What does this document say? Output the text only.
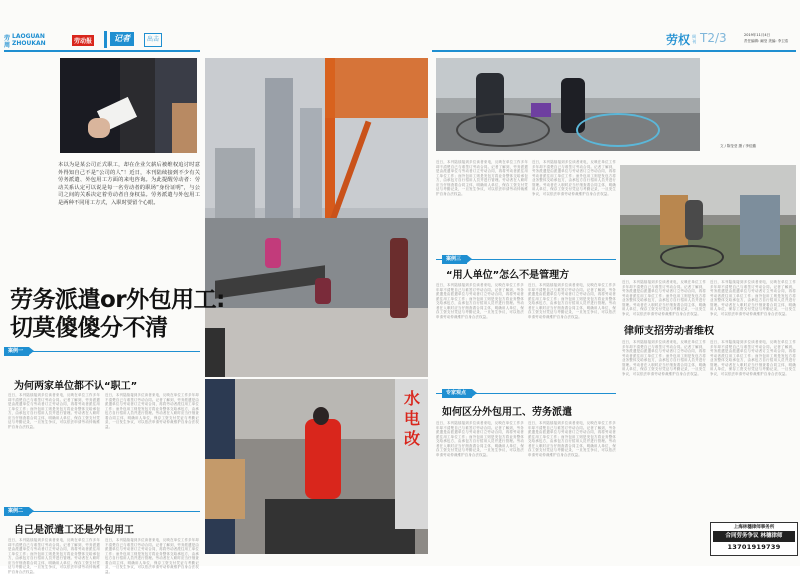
劳
周
LAOGUAN
ZHOUKAN	劳动报	记者	出击	劳权 周刊 T2/3	2019年11月4日
责任编辑: 阚莹 美编: 李卫浩
文 / 陈莹莹 摄 / 李佳璐
水
电
改
本以为是某公司正式职工，却在企业欠薪后被维权追讨时意外得知自己不是“公司的人”！近日，本刊陆续接到不少有关劳务派遣、外包用工方面的来电咨询。为此提醒劳动者：劳动关系认定可以说是每一名劳动者的职场“身份证明”，与公司之间的关系决定着劳动者自身权益。劳务派遣与外包用工是两种不同用工方式，入职时要留个心眼。
劳务派遣or外包用工:
切莫傻傻分不清
案例一
为何两家单位都不认“职工”
近日，本刊陆续接到多位读者来电，反映在单位工作多年却不清楚自己与谁签订劳动合同。记者了解到，劳务派遣是由派遣单位与劳动者订立劳动合同，再将劳动者派往用工单位工作；而外包用工则是发包方将业务整体交给承包方，由承包方自行招用人员并进行管理。劳动者在入职时应当仔细查看合同主体，明确用人单位，保存工资支付凭证与考勤记录，一旦发生争议，可以依法申请劳动仲裁维护自身合法权益。
近日，本刊陆续接到多位读者来电，反映在单位工作多年却不清楚自己与谁签订劳动合同。记者了解到，劳务派遣是由派遣单位与劳动者订立劳动合同，再将劳动者派往用工单位工作；而外包用工则是发包方将业务整体交给承包方，由承包方自行招用人员并进行管理。劳动者在入职时应当仔细查看合同主体，明确用人单位，保存工资支付凭证与考勤记录，一旦发生争议，可以依法申请劳动仲裁维护自身合法权益。
案例二
自己是派遣工还是外包用工
近日，本刊陆续接到多位读者来电，反映在单位工作多年却不清楚自己与谁签订劳动合同。记者了解到，劳务派遣是由派遣单位与劳动者订立劳动合同，再将劳动者派往用工单位工作；而外包用工则是发包方将业务整体交给承包方，由承包方自行招用人员并进行管理。劳动者在入职时应当仔细查看合同主体，明确用人单位，保存工资支付凭证与考勤记录，一旦发生争议，可以依法申请劳动仲裁维护自身合法权益。
近日，本刊陆续接到多位读者来电，反映在单位工作多年却不清楚自己与谁签订劳动合同。记者了解到，劳务派遣是由派遣单位与劳动者订立劳动合同，再将劳动者派往用工单位工作；而外包用工则是发包方将业务整体交给承包方，由承包方自行招用人员并进行管理。劳动者在入职时应当仔细查看合同主体，明确用人单位，保存工资支付凭证与考勤记录，一旦发生争议，可以依法申请劳动仲裁维护自身合法权益。
近日，本刊陆续接到多位读者来电，反映在单位工作多年却不清楚自己与谁签订劳动合同。记者了解到，劳务派遣是由派遣单位与劳动者订立劳动合同，再将劳动者派往用工单位工作；而外包用工则是发包方将业务整体交给承包方，由承包方自行招用人员并进行管理。劳动者在入职时应当仔细查看合同主体，明确用人单位，保存工资支付凭证与考勤记录，一旦发生争议，可以依法申请劳动仲裁维护自身合法权益。
近日，本刊陆续接到多位读者来电，反映在单位工作多年却不清楚自己与谁签订劳动合同。记者了解到，劳务派遣是由派遣单位与劳动者订立劳动合同，再将劳动者派往用工单位工作；而外包用工则是发包方将业务整体交给承包方，由承包方自行招用人员并进行管理。劳动者在入职时应当仔细查看合同主体，明确用人单位，保存工资支付凭证与考勤记录，一旦发生争议，可以依法申请劳动仲裁维护自身合法权益。
案例三
“用人单位”怎么不是管理方
近日，本刊陆续接到多位读者来电，反映在单位工作多年却不清楚自己与谁签订劳动合同。记者了解到，劳务派遣是由派遣单位与劳动者订立劳动合同，再将劳动者派往用工单位工作；而外包用工则是发包方将业务整体交给承包方，由承包方自行招用人员并进行管理。劳动者在入职时应当仔细查看合同主体，明确用人单位，保存工资支付凭证与考勤记录，一旦发生争议，可以依法申请劳动仲裁维护自身合法权益。
近日，本刊陆续接到多位读者来电，反映在单位工作多年却不清楚自己与谁签订劳动合同。记者了解到，劳务派遣是由派遣单位与劳动者订立劳动合同，再将劳动者派往用工单位工作；而外包用工则是发包方将业务整体交给承包方，由承包方自行招用人员并进行管理。劳动者在入职时应当仔细查看合同主体，明确用人单位，保存工资支付凭证与考勤记录，一旦发生争议，可以依法申请劳动仲裁维护自身合法权益。
专家观点
如何区分外包用工、劳务派遣
近日，本刊陆续接到多位读者来电，反映在单位工作多年却不清楚自己与谁签订劳动合同。记者了解到，劳务派遣是由派遣单位与劳动者订立劳动合同，再将劳动者派往用工单位工作；而外包用工则是发包方将业务整体交给承包方，由承包方自行招用人员并进行管理。劳动者在入职时应当仔细查看合同主体，明确用人单位，保存工资支付凭证与考勤记录，一旦发生争议，可以依法申请劳动仲裁维护自身合法权益。
近日，本刊陆续接到多位读者来电，反映在单位工作多年却不清楚自己与谁签订劳动合同。记者了解到，劳务派遣是由派遣单位与劳动者订立劳动合同，再将劳动者派往用工单位工作；而外包用工则是发包方将业务整体交给承包方，由承包方自行招用人员并进行管理。劳动者在入职时应当仔细查看合同主体，明确用人单位，保存工资支付凭证与考勤记录，一旦发生争议，可以依法申请劳动仲裁维护自身合法权益。
近日，本刊陆续接到多位读者来电，反映在单位工作多年却不清楚自己与谁签订劳动合同。记者了解到，劳务派遣是由派遣单位与劳动者订立劳动合同，再将劳动者派往用工单位工作；而外包用工则是发包方将业务整体交给承包方，由承包方自行招用人员并进行管理。劳动者在入职时应当仔细查看合同主体，明确用人单位，保存工资支付凭证与考勤记录，一旦发生争议，可以依法申请劳动仲裁维护自身合法权益。
近日，本刊陆续接到多位读者来电，反映在单位工作多年却不清楚自己与谁签订劳动合同。记者了解到，劳务派遣是由派遣单位与劳动者订立劳动合同，再将劳动者派往用工单位工作；而外包用工则是发包方将业务整体交给承包方，由承包方自行招用人员并进行管理。劳动者在入职时应当仔细查看合同主体，明确用人单位，保存工资支付凭证与考勤记录，一旦发生争议，可以依法申请劳动仲裁维护自身合法权益。
律师支招劳动者维权
近日，本刊陆续接到多位读者来电，反映在单位工作多年却不清楚自己与谁签订劳动合同。记者了解到，劳务派遣是由派遣单位与劳动者订立劳动合同，再将劳动者派往用工单位工作；而外包用工则是发包方将业务整体交给承包方，由承包方自行招用人员并进行管理。劳动者在入职时应当仔细查看合同主体，明确用人单位，保存工资支付凭证与考勤记录，一旦发生争议，可以依法申请劳动仲裁维护自身合法权益。
近日，本刊陆续接到多位读者来电，反映在单位工作多年却不清楚自己与谁签订劳动合同。记者了解到，劳务派遣是由派遣单位与劳动者订立劳动合同，再将劳动者派往用工单位工作；而外包用工则是发包方将业务整体交给承包方，由承包方自行招用人员并进行管理。劳动者在入职时应当仔细查看合同主体，明确用人单位，保存工资支付凭证与考勤记录，一旦发生争议，可以依法申请劳动仲裁维护自身合法权益。
上海林穗律师事务所
合同劳务争议 林穗律师
13701919739
